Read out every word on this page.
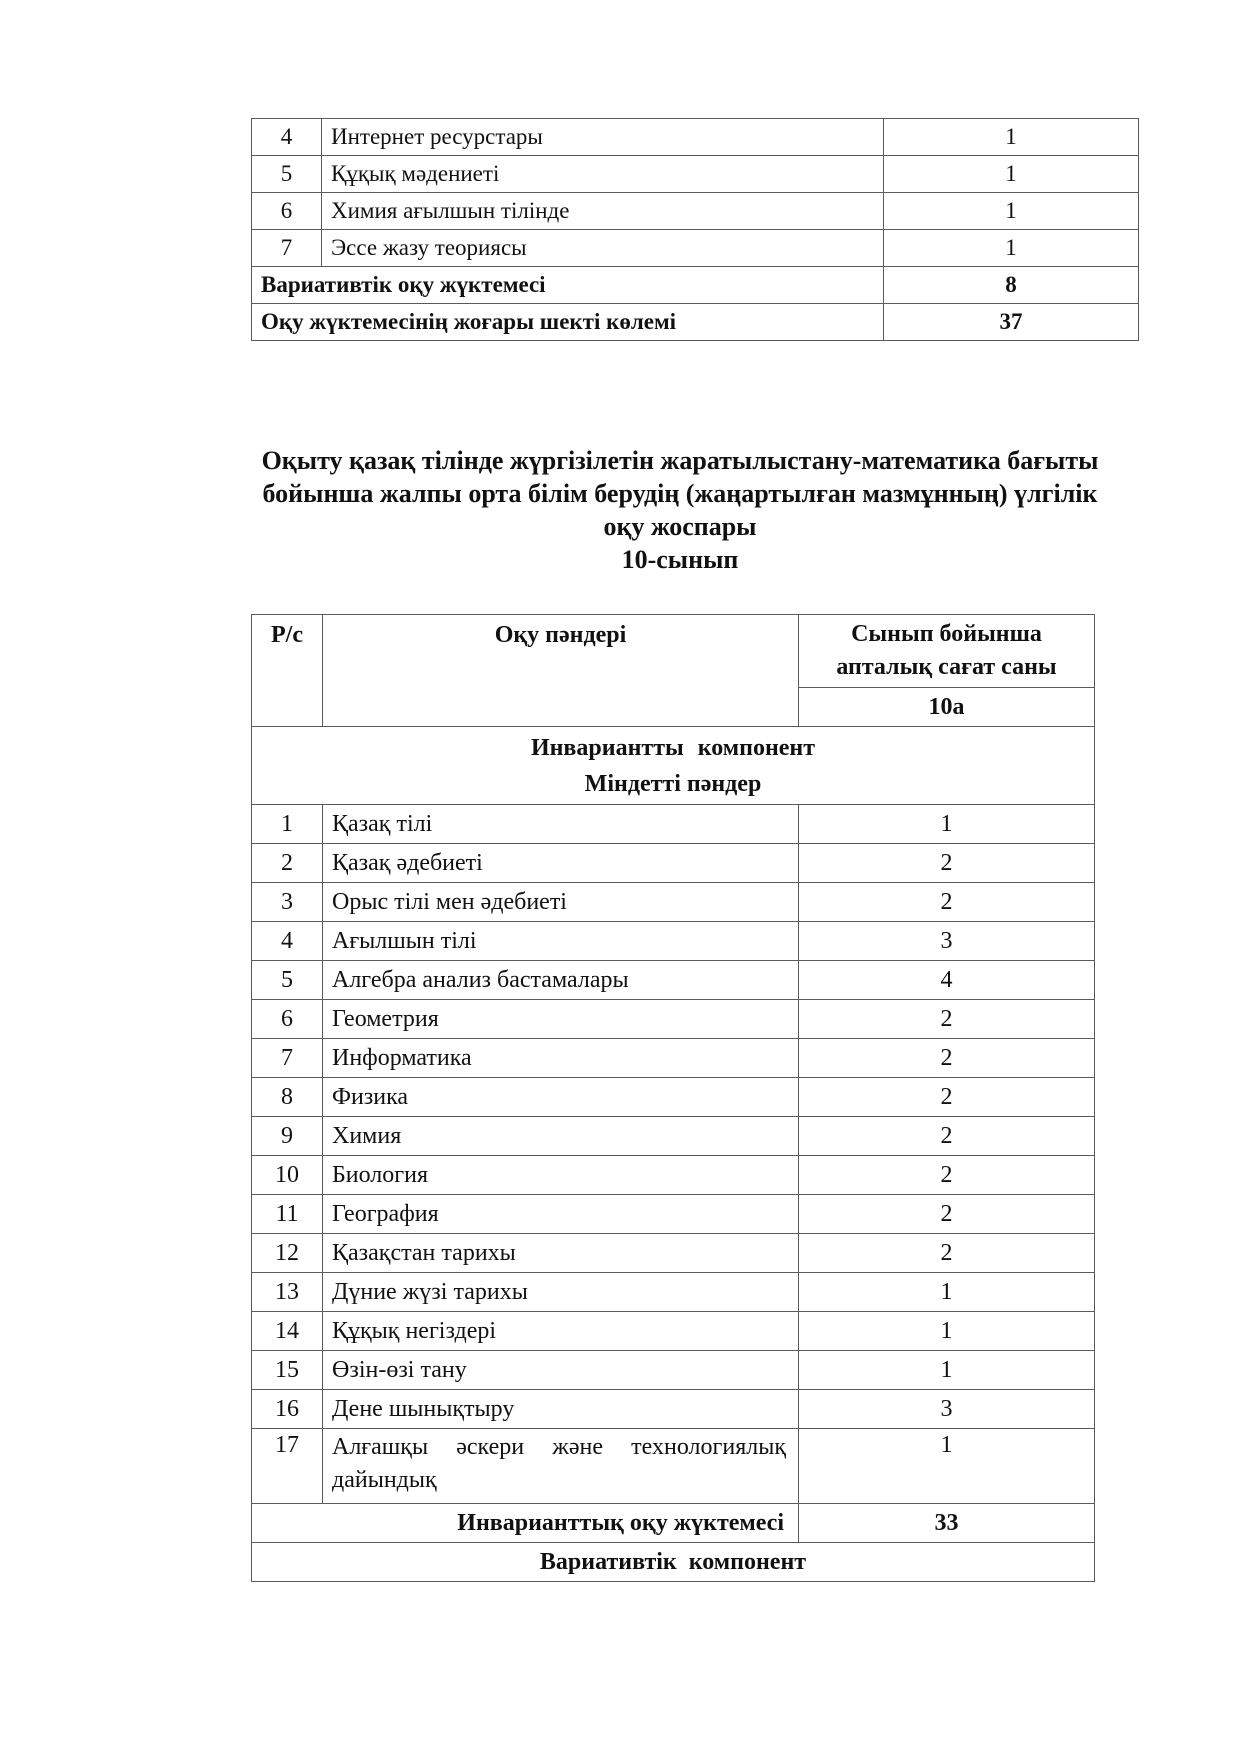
4	Интернет ресурстары	1
5	Құқық мәдениеті	1
6	Химия ағылшын тілінде	1
7	Эссе жазу теориясы	1
Вариативтік оқу жүктемесі		8
Оқу жүктемесінің жоғары шекті көлемі		37
Оқыту қазақ тілінде жүргізілетін жаратылыстану-математика бағыты
бойынша жалпы орта білім берудің (жаңартылған мазмұнның) үлгілік
оқу жоспары
10-сынып
Р/с	Оқу пәндері	Сынып бойынша
апталық сағат саны

		10а

Инвариантты компонент
Міндетті пәндер		

1	Қазақ тілі	1
2	Қазақ әдебиеті	2
3	Орыс тілі мен әдебиеті	2
4	Ағылшын тілі	3
5	Алгебра анализ бастамалары	4
6	Геометрия	2
7	Информатика	2
8	Физика	2
9	Химия	2
10	Биология	2
11	География	2
12	Қазақстан тарихы	2
13	Дүние жүзі тарихы	1
14	Құқық негіздері	1
15	Өзін-өзі тану	1
16	Дене шынықтыру	3
17	Алғашқы әскери және технологиялық дайындық	1
Инварианттық оқу жүктемесі		33
Вариативтік компонент		
